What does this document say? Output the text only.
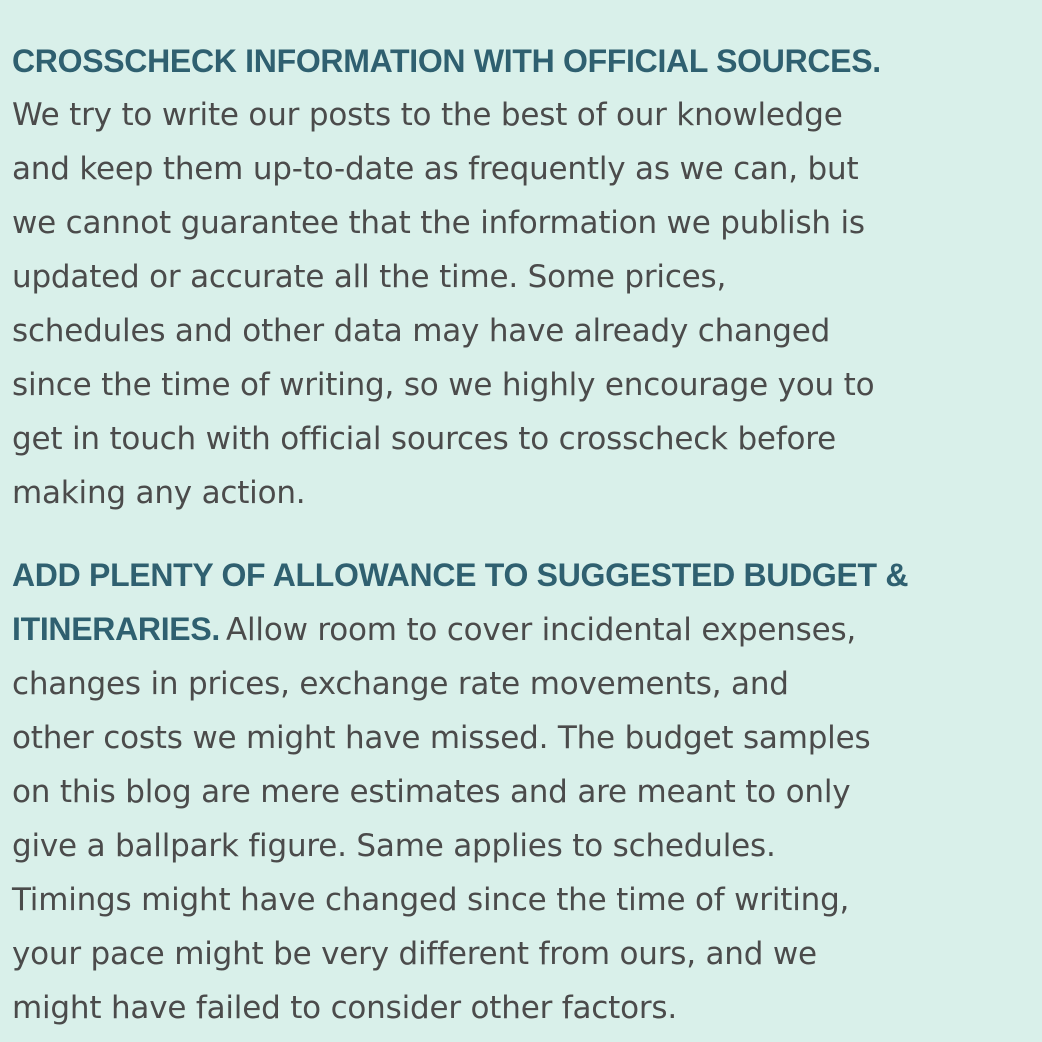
CROSSCHECK INFORMATION WITH OFFICIAL SOURCES.
We try to write our posts to the best of our knowledge
and keep them up-to-date as frequently as we can, but
we cannot guarantee that the information we publish is
updated or accurate all the time. Some prices,
schedules and other data may have already changed
since the time of writing, so we highly encourage you to
get in touch with official sources to crosscheck before
making any action.

ADD PLENTY OF ALLOWANCE TO SUGGESTED BUDGET &
ITINERARIES. Allow room to cover incidental expenses,
changes in prices, exchange rate movements, and
other costs we might have missed. The budget samples
on this blog are mere estimates and are meant to only
give a ballpark figure. Same applies to schedules.
Timings might have changed since the time of writing,
your pace might be very different from ours, and we
might have failed to consider other factors.
